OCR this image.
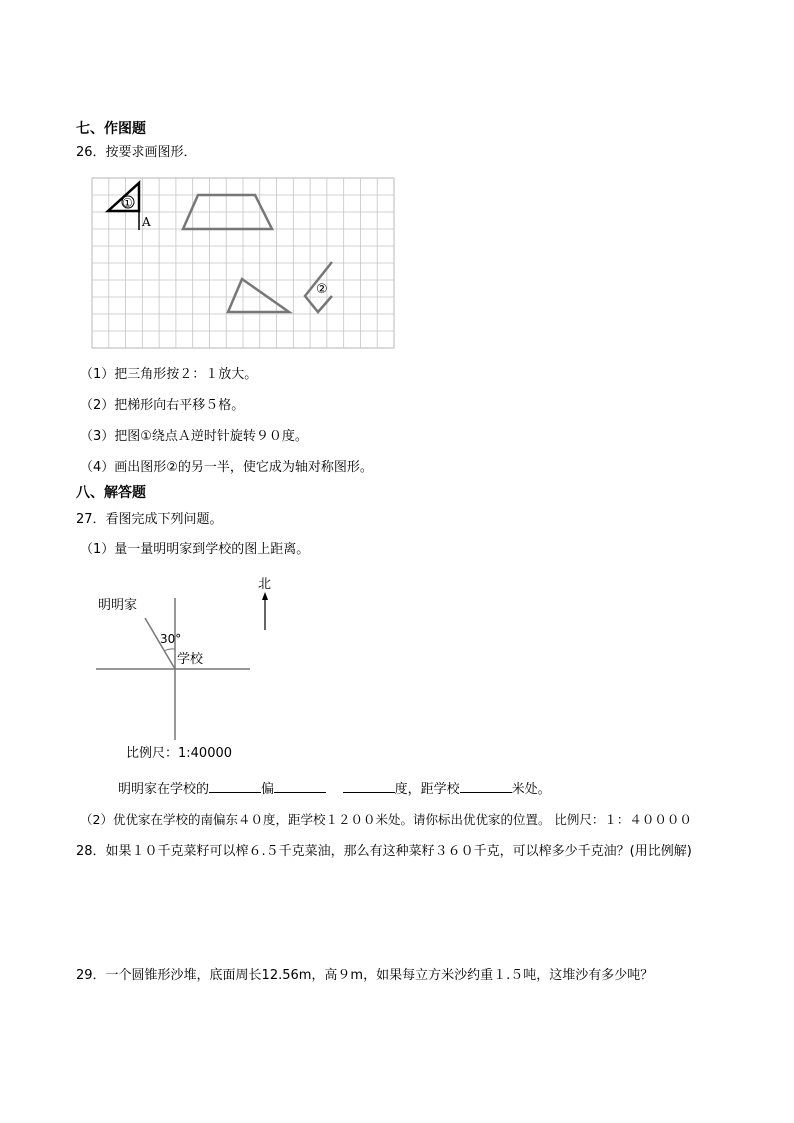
七、作图题
26．按要求画图形．
①
A
②
（1）把三角形按２：１放大。
（2）把梯形向右平移５格。
（3）把图①绕点Ａ逆时针旋转９０度。
（4）画出图形②的另一半，使它成为轴对称图形。
八、解答题
27．看图完成下列问题。
（1）量一量明明家到学校的图上距离。
北
明明家
30°
学校
比例尺：1:40000
明明家在学校的	偏	度，距学校	米处。
（2）优优家在学校的南偏东４０度，距学校１２００米处。请你标出优优家的位置。 比例尺：１：４００００
28．如果１０千克菜籽可以榨６.５千克菜油，那么有这种菜籽３６０千克，可以榨多少千克油？(用比例解)
29．一个圆锥形沙堆，底面周长12.56m，高９m，如果每立方米沙约重１.５吨，这堆沙有多少吨？
